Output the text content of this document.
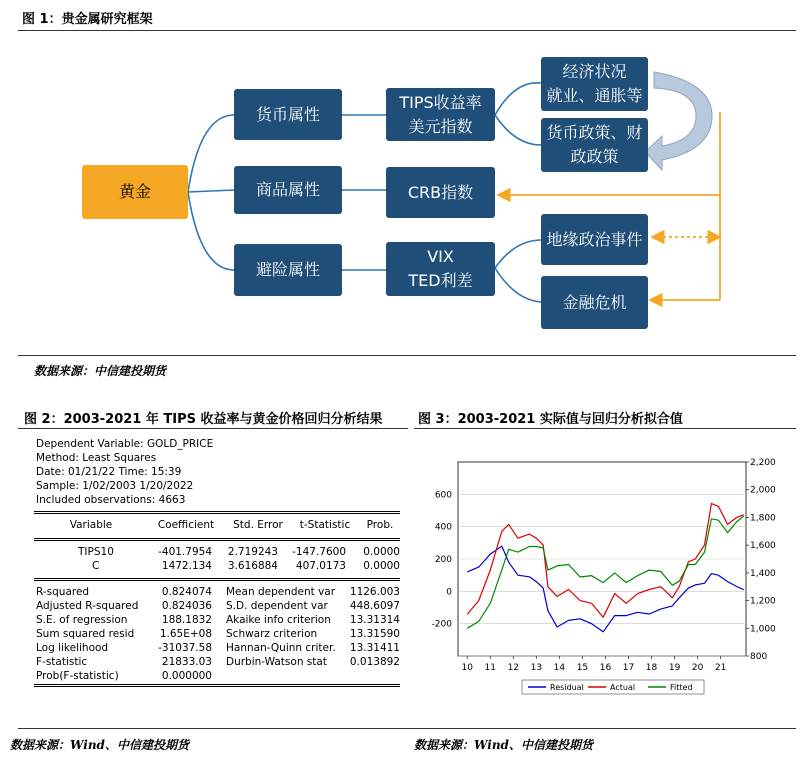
图 1：贵金属研究框架
黄金
货币属性
商品属性
避险属性
TIPS收益率
美元指数
CRB指数
VIX
TED利差
经济状况
就业、通胀等
货币政策、财
政政策
地缘政治事件
金融危机
数据来源：中信建投期货
图 2：2003-2021 年 TIPS 收益率与黄金价格回归分析结果
Dependent Variable: GOLD_PRICE
Method: Least Squares
Date: 01/21/22 Time: 15:39
Sample: 1/02/2003 1/20/2022
Included observations: 4663
Variable	Coefficient	Std. Error	t-Statistic	Prob.
TIPS10	-401.7954	2.719243	-147.7600	0.0000
C	1472.134	3.616884	407.0173	0.0000
R-squared	0.824074 Mean dependent var	1126.003
Adjusted R-squared	0.824036 S.D. dependent var	448.6097
S.E. of regression	188.1832 Akaike info criterion	13.31314
Sum squared resid	1.65E+08 Schwarz criterion	13.31590
Log likelihood	-31037.58 Hannan-Quinn criter.	13.31411
F-statistic	21833.03 Durbin-Watson stat	0.013892
Prob(F-statistic)	0.000000
图 3：2003-2021 实际值与回归分析拟合值
600
400
200
0
-200
2,200
2,000
1,800
1,600
1,400
1,200
1,000
800
10 11 12 13 14 15 16 17 18 19 20 21
Residual	Actual	Fitted
数据来源：Wind、中信建投期货	数据来源：Wind、中信建投期货
